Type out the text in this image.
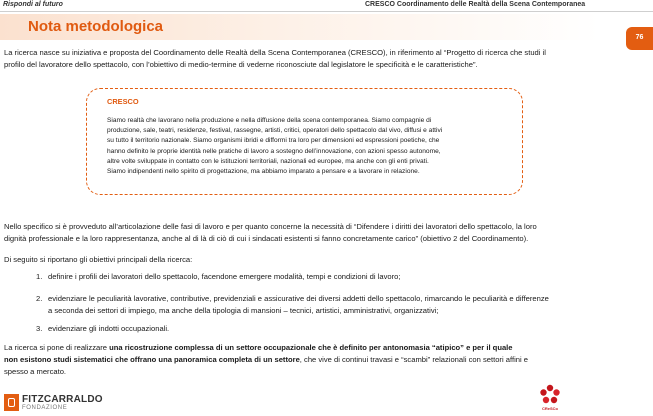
Rispondi al futuro	CRESCO Coordinamento delle Realtà della Scena Contemporanea
Nota metodologica
76
La ricerca nasce su iniziativa e proposta del Coordinamento delle Realtà della Scena Contemporanea (CRESCO), in riferimento al “Progetto di ricerca che studi il
profilo del lavoratore dello spettacolo, con l’obiettivo di medio-termine di vederne riconosciute dal legislatore le specificità e le caratteristiche”.
CRESCO
Siamo realtà che lavorano nella produzione e nella diffusione della scena contemporanea. Siamo compagnie di
produzione, sale, teatri, residenze, festival, rassegne, artisti, critici, operatori dello spettacolo dal vivo, diffusi e attivi
su tutto il territorio nazionale. Siamo organismi ibridi e difformi tra loro per dimensioni ed espressioni poetiche, che
hanno definito le proprie identità nelle pratiche di lavoro a sostegno dell’innovazione, con azioni spesso autonome,
altre volte sviluppate in contatto con le istituzioni territoriali, nazionali ed europee, ma anche con gli enti privati.
Siamo indipendenti nello spirito di progettazione, ma abbiamo imparato a pensare e a lavorare in relazione.
Nello specifico si è provveduto all’articolazione delle fasi di lavoro e per quanto concerne la necessità di “Difendere i diritti dei lavoratori dello spettacolo, la loro
dignità professionale e la loro rappresentanza, anche al di là di ciò di cui i sindacati esistenti si fanno concretamente carico” (obiettivo 2 del Coordinamento).
Di seguito si riportano gli obiettivi principali della ricerca:
1. definire i profili dei lavoratori dello spettacolo, facendone emergere modalità, tempi e condizioni di lavoro;
2. evidenziare le peculiarità lavorative, contributive, previdenziali e assicurative dei diversi addetti dello spettacolo, rimarcando le peculiarità e differenze
a seconda dei settori di impiego, ma anche della tipologia di mansioni – tecnici, artistici, amministrativi, organizzativi;
3. evidenziare gli indotti occupazionali.
La ricerca si pone di realizzare una ricostruzione complessa di un settore occupazionale che è definito per antonomasia “atipico” e per il quale
non esistono studi sistematici che offrano una panoramica completa di un settore, che vive di continui travasi e “scambi” relazionali con settori affini e
spesso a mercato.
FITZCARRALDO
FONDAZIONE	CReSCo
